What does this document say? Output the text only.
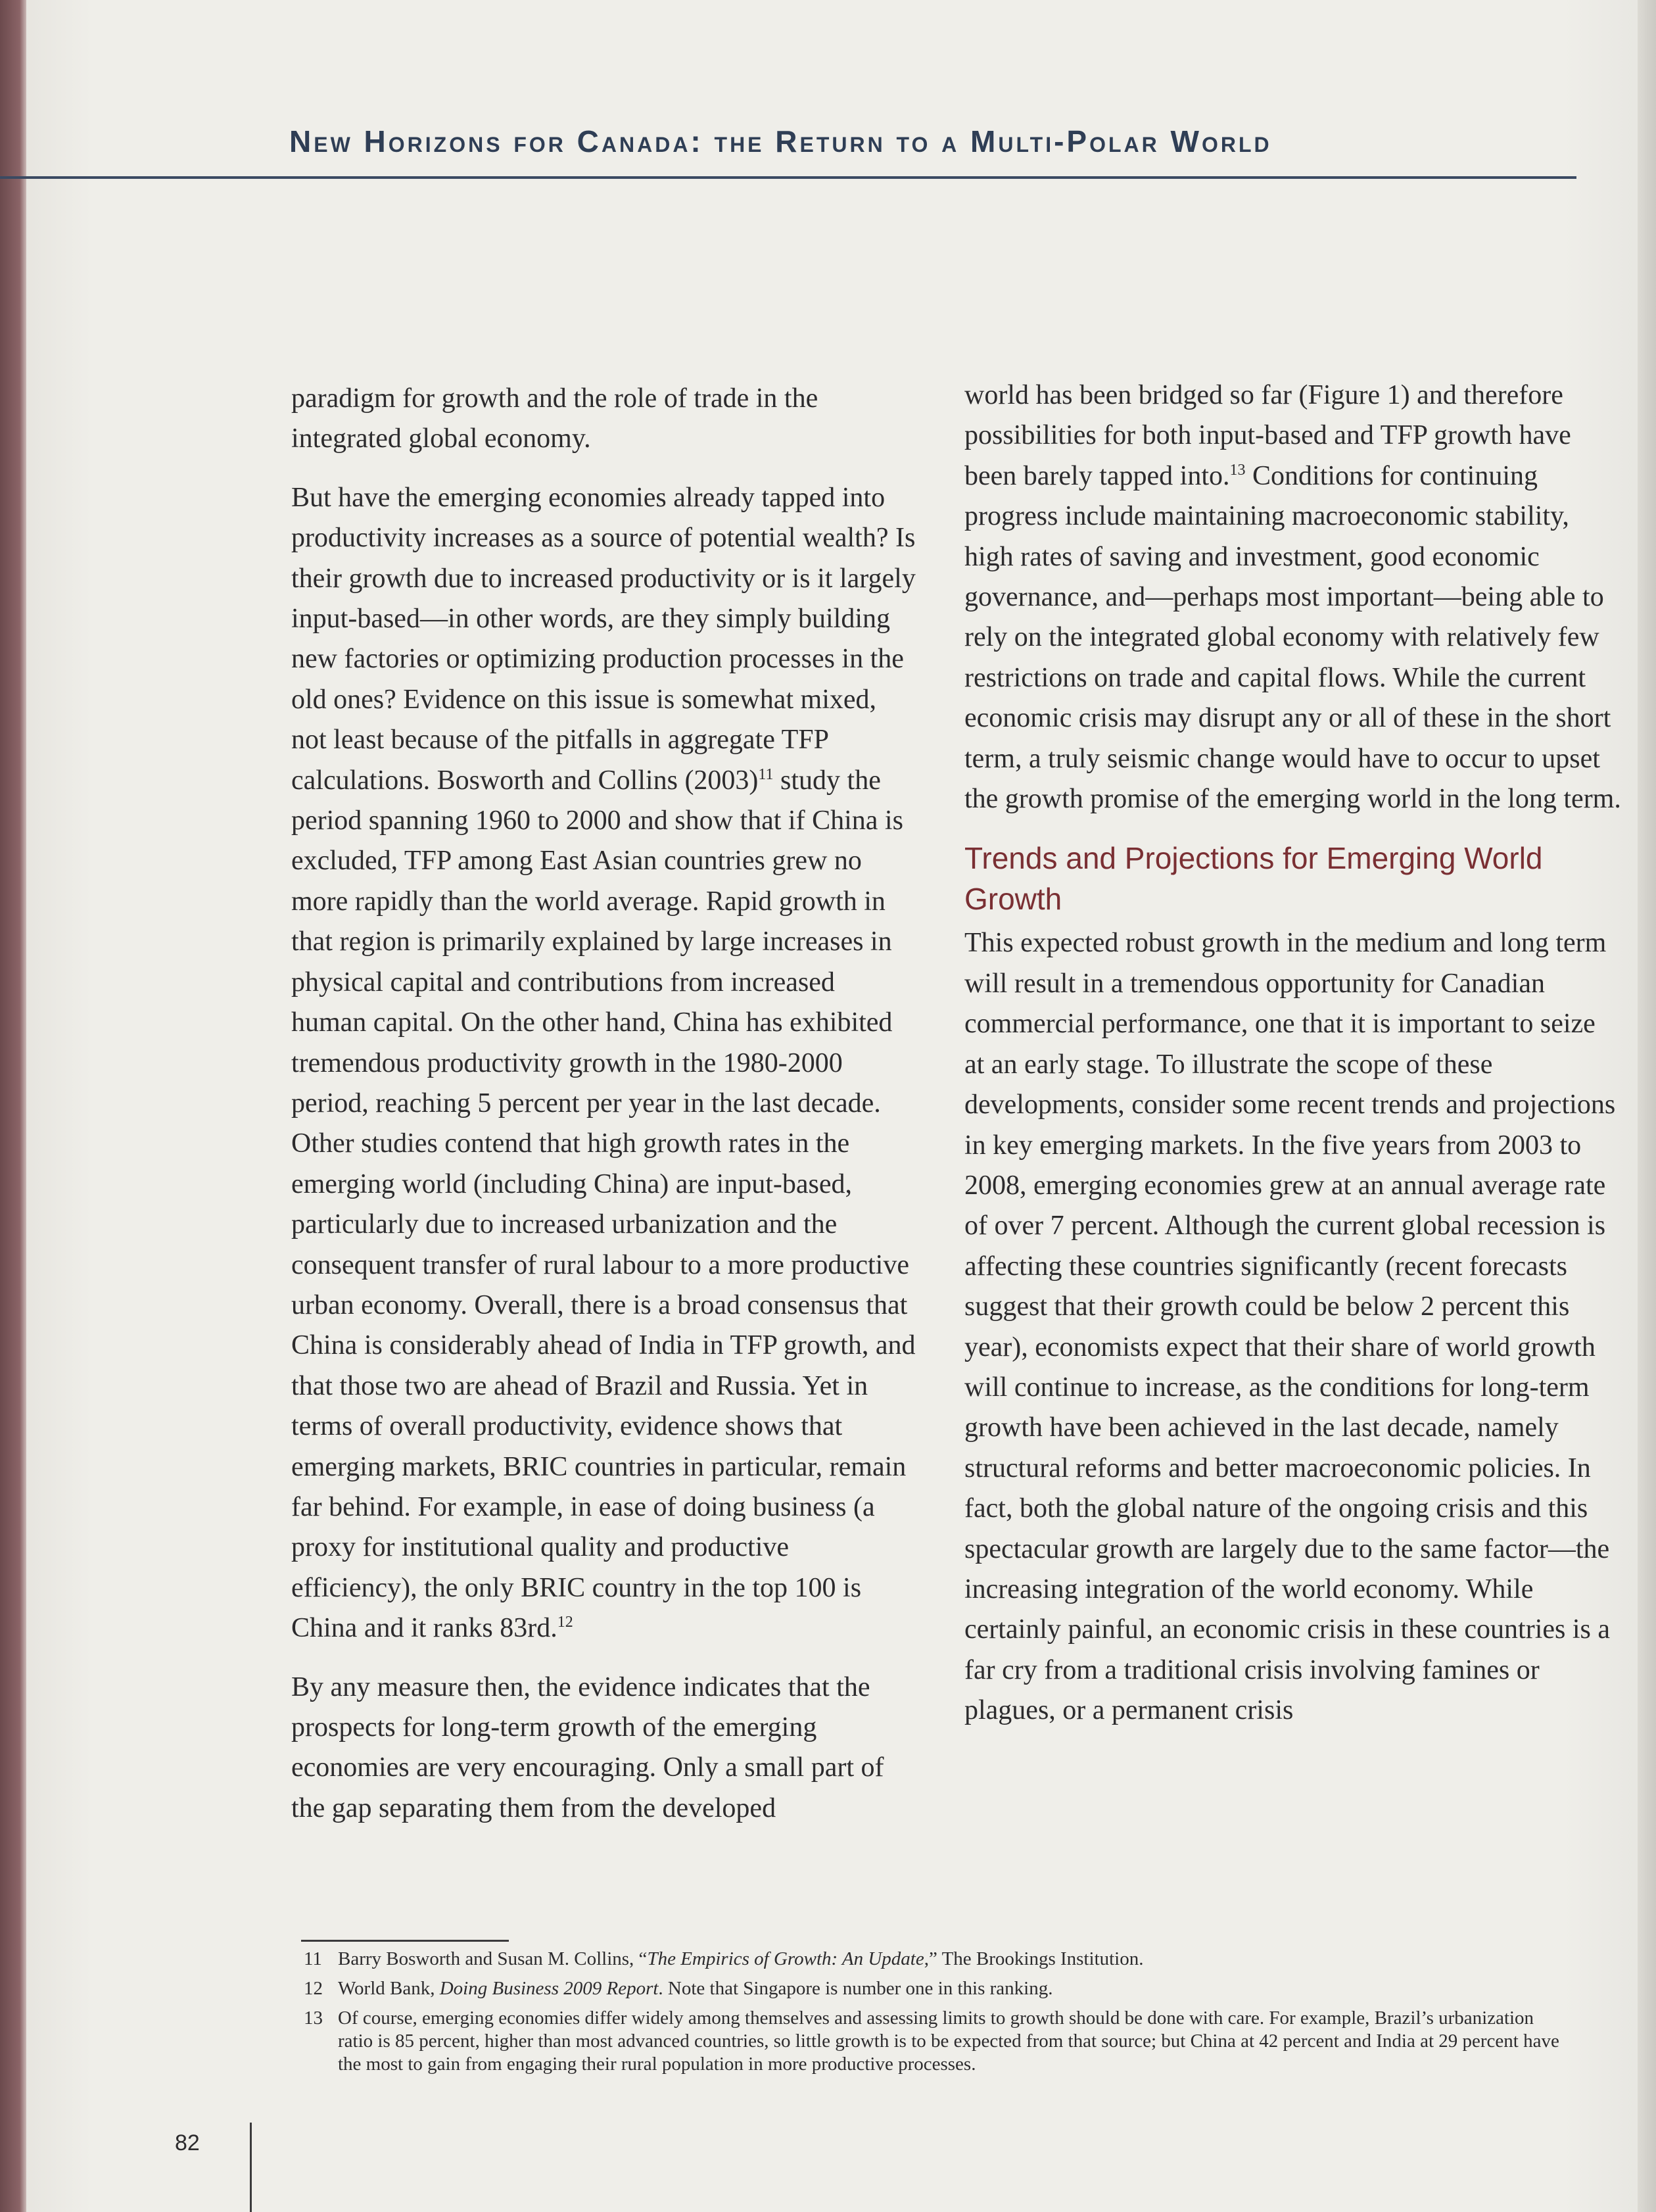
New Horizons for Canada: the Return to a Multi-Polar World

paradigm for growth and the role of trade in the integrated global economy.

But have the emerging economies already tapped into productivity increases as a source of potential wealth? Is their growth due to increased productivity or is it largely input-based—in other words, are they simply building new factories or optimizing production processes in the old ones? Evidence on this issue is somewhat mixed, not least because of the pitfalls in aggregate TFP calculations. Bosworth and Collins $(2003)^{11}$ study the period spanning 1960 to 2000 and show that if China is excluded, TFP among East Asian countries grew no more rapidly than the world average. Rapid growth in that region is primarily explained by large increases in physical capital and contributions from increased human capital. On the other hand, China has exhibited tremendous productivity growth in the 1980-2000 period, reaching 5 percent per year in the last decade. Other studies contend that high growth rates in the emerging world (including China) are input-based, particularly due to increased urbanization and the consequent transfer of rural labour to a more productive urban economy. Overall, there is a broad consensus that China is considerably ahead of India in TFP growth, and that those two are ahead of Brazil and Russia. Yet in terms of overall productivity, evidence shows that emerging markets, BRIC countries in particular, remain far behind. For example, in ease of doing business (a proxy for institutional quality and productive efficiency), the only BRIC country in the top 100 is China and it ranks 83rd.$^{12}$

By any measure then, the evidence indicates that the prospects for long-term growth of the emerging economies are very encouraging. Only a small part of the gap separating them from the developed

world has been bridged so far (Figure 1) and therefore possibilities for both input-based and TFP growth have been barely tapped into.$^{13}$ Conditions for continuing progress include maintaining macroeconomic stability, high rates of saving and investment, good economic governance, and—perhaps most important—being able to rely on the integrated global economy with relatively few restrictions on trade and capital flows. While the current economic crisis may disrupt any or all of these in the short term, a truly seismic change would have to occur to upset the growth promise of the emerging world in the long term.

Trends and Projections for Emerging World Growth

This expected robust growth in the medium and long term will result in a tremendous opportunity for Canadian commercial performance, one that it is important to seize at an early stage. To illustrate the scope of these developments, consider some recent trends and projections in key emerging markets. In the five years from 2003 to 2008, emerging economies grew at an annual average rate of over 7 percent. Although the current global recession is affecting these countries significantly (recent forecasts suggest that their growth could be below 2 percent this year), economists expect that their share of world growth will continue to increase, as the conditions for long-term growth have been achieved in the last decade, namely structural reforms and better macroeconomic policies. In fact, both the global nature of the ongoing crisis and this spectacular growth are largely due to the same factor—the increasing integration of the world economy. While certainly painful, an economic crisis in these countries is a far cry from a traditional crisis involving famines or plagues, or a permanent crisis

11 Barry Bosworth and Susan M. Collins, “The Empirics of Growth: An Update,” The Brookings Institution.
12 World Bank, Doing Business 2009 Report. Note that Singapore is number one in this ranking.
13 Of course, emerging economies differ widely among themselves and assessing limits to growth should be done with care. For example, Brazil’s urbanization ratio is 85 percent, higher than most advanced countries, so little growth is to be expected from that source; but China at 42 percent and India at 29 percent have the most to gain from engaging their rural population in more productive processes.
82
